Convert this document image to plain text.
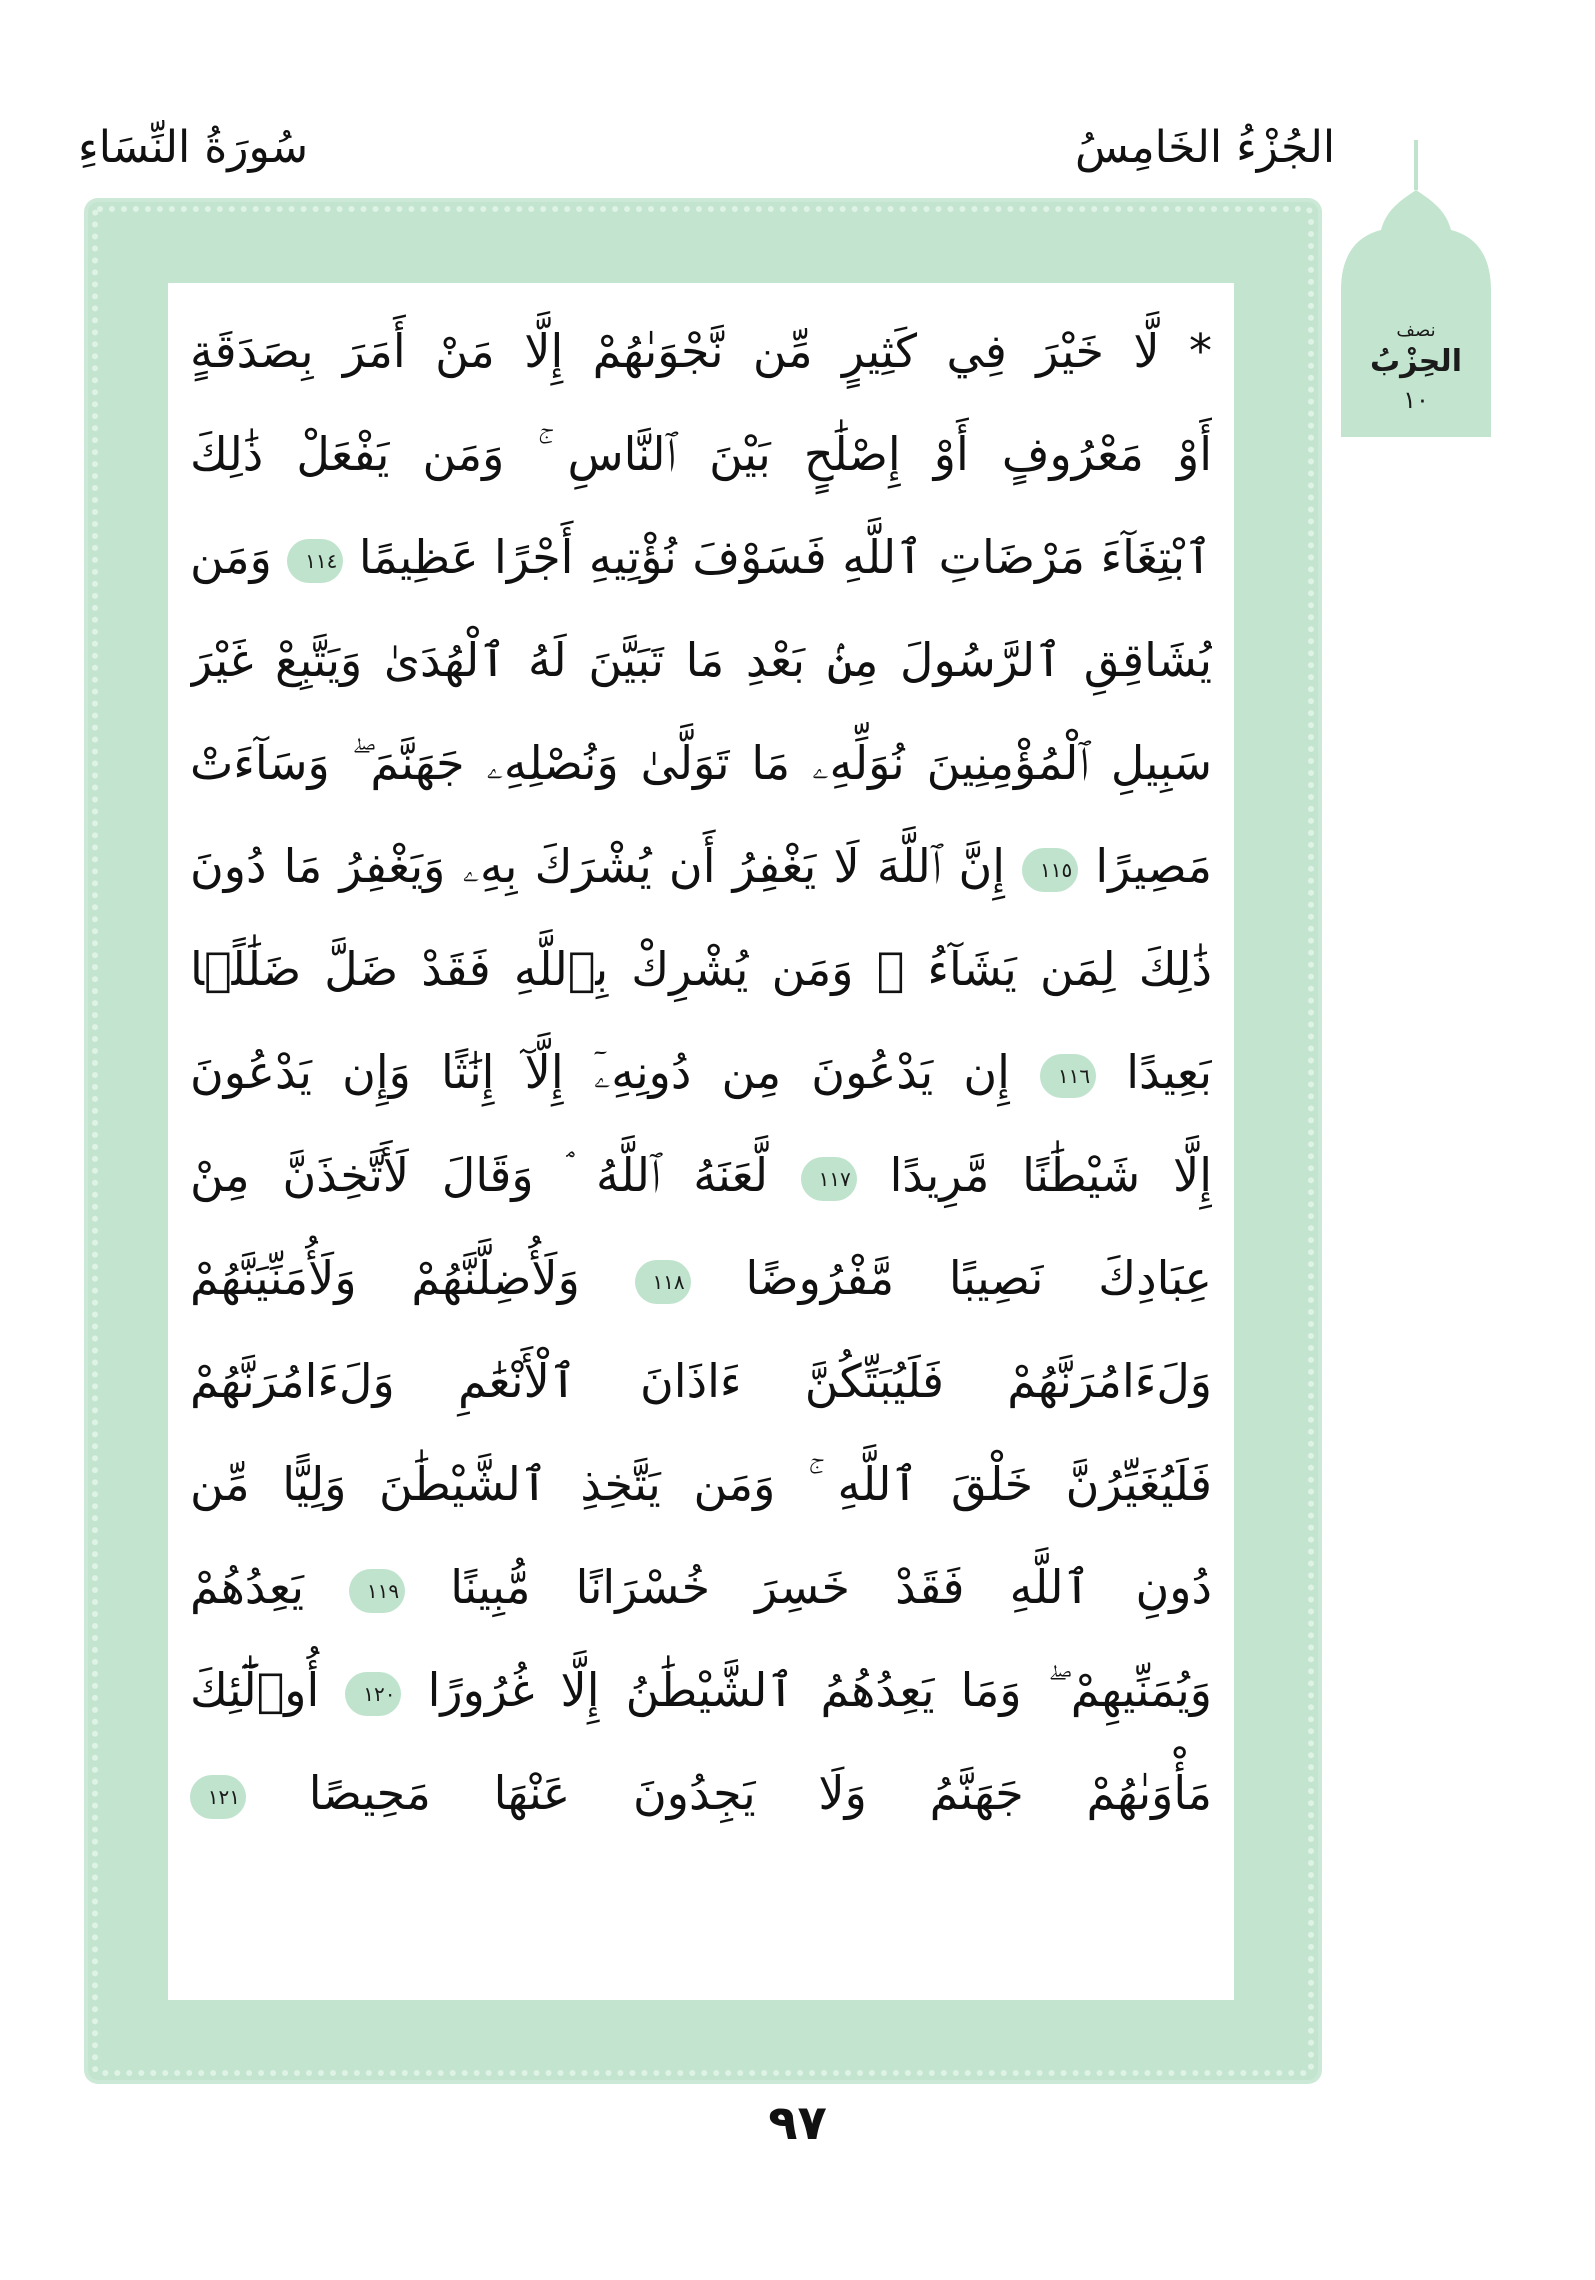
الجُزْءُ الخَامِسُ
سُورَةُ النِّسَاءِ
نصف
الحِزْبُ
١٠
* لَّا خَيْرَ فِي كَثِيرٍ مِّن نَّجْوَىٰهُمْ إِلَّا مَنْ أَمَرَ بِصَدَقَةٍ
أَوْ مَعْرُوفٍ أَوْ إِصْلَٰحٍ بَيْنَ ٱلنَّاسِ ۚ وَمَن يَفْعَلْ ذَٰلِكَ
ٱبْتِغَآءَ مَرْضَاتِ ٱللَّهِ فَسَوْفَ نُؤْتِيهِ أَجْرًا عَظِيمًا ١١٤ وَمَن
يُشَاقِقِ ٱلرَّسُولَ مِنۢ بَعْدِ مَا تَبَيَّنَ لَهُ ٱلْهُدَىٰ وَيَتَّبِعْ غَيْرَ
سَبِيلِ ٱلْمُؤْمِنِينَ نُوَلِّهِۦ مَا تَوَلَّىٰ وَنُصْلِهِۦ جَهَنَّمَ ۖ وَسَآءَتْ
مَصِيرًا ١١٥ إِنَّ ٱللَّهَ لَا يَغْفِرُ أَن يُشْرَكَ بِهِۦ وَيَغْفِرُ مَا دُونَ
ذَٰلِكَ لِمَن يَشَآءُ ۚ وَمَن يُشْرِكْ بِٱللَّهِ فَقَدْ ضَلَّ ضَلَٰلًۢا
بَعِيدًا ١١٦ إِن يَدْعُونَ مِن دُونِهِۦٓ إِلَّآ إِنَٰثًا وَإِن يَدْعُونَ
إِلَّا شَيْطَٰنًا مَّرِيدًا ١١٧ لَّعَنَهُ ٱللَّهُ ۘ وَقَالَ لَأَتَّخِذَنَّ مِنْ
عِبَادِكَ نَصِيبًا مَّفْرُوضًا ١١٨ وَلَأُضِلَّنَّهُمْ وَلَأُمَنِّيَنَّهُمْ
وَلَءَامُرَنَّهُمْ فَلَيُبَتِّكُنَّ ءَاذَانَ ٱلْأَنْعَٰمِ وَلَءَامُرَنَّهُمْ
فَلَيُغَيِّرُنَّ خَلْقَ ٱللَّهِ ۚ وَمَن يَتَّخِذِ ٱلشَّيْطَٰنَ وَلِيًّا مِّن
دُونِ ٱللَّهِ فَقَدْ خَسِرَ خُسْرَانًا مُّبِينًا ١١٩ يَعِدُهُمْ
وَيُمَنِّيهِمْ ۖ وَمَا يَعِدُهُمُ ٱلشَّيْطَٰنُ إِلَّا غُرُورًا ١٢٠ أُو۟لَٰٓئِكَ
مَأْوَىٰهُمْ جَهَنَّمُ وَلَا يَجِدُونَ عَنْهَا مَحِيصًا ١٢١
٩٧
